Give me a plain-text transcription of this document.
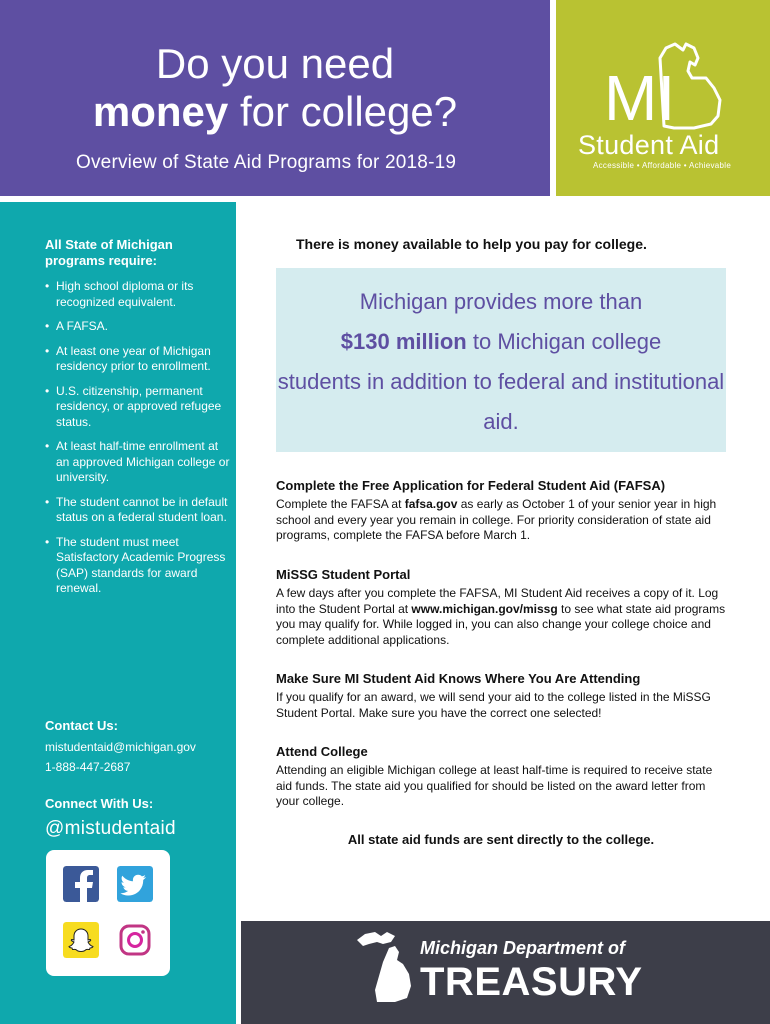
Do you need
money for college?
Overview of State Aid Programs for 2018-19
MI
Student Aid
Accessible • Affordable • Achievable
All State of Michigan programs require:
• High school diploma or its recognized equivalent.
• A FAFSA.
• At least one year of Michigan residency prior to enrollment.
• U.S. citizenship, permanent residency, or approved refugee status.
• At least half-time enrollment at an approved Michigan college or university.
• The student cannot be in default status on a federal student loan.
• The student must meet Satisfactory Academic Progress (SAP) standards for award renewal.
Contact Us:
mistudentaid@michigan.gov
1-888-447-2687
Connect With Us:
@mistudentaid
There is money available to help you pay for college.
Michigan provides more than
$130 million to Michigan college
students in addition to federal and institutional aid.
Complete the Free Application for Federal Student Aid (FAFSA)
Complete the FAFSA at fafsa.gov as early as October 1 of your senior year in high school and every year you remain in college. For priority consideration of state aid programs, complete the FAFSA before March 1.
MiSSG Student Portal
A few days after you complete the FAFSA, MI Student Aid receives a copy of it. Log into the Student Portal at www.michigan.gov/missg to see what state aid programs you may qualify for. While logged in, you can also change your college choice and complete additional applications.
Make Sure MI Student Aid Knows Where You Are Attending
If you qualify for an award, we will send your aid to the college listed in the MiSSG Student Portal. Make sure you have the correct one selected!
Attend College
Attending an eligible Michigan college at least half-time is required to receive state aid funds. The state aid you qualified for should be listed on the award letter from your college.
All state aid funds are sent directly to the college.
Michigan Department of
TREASURY
